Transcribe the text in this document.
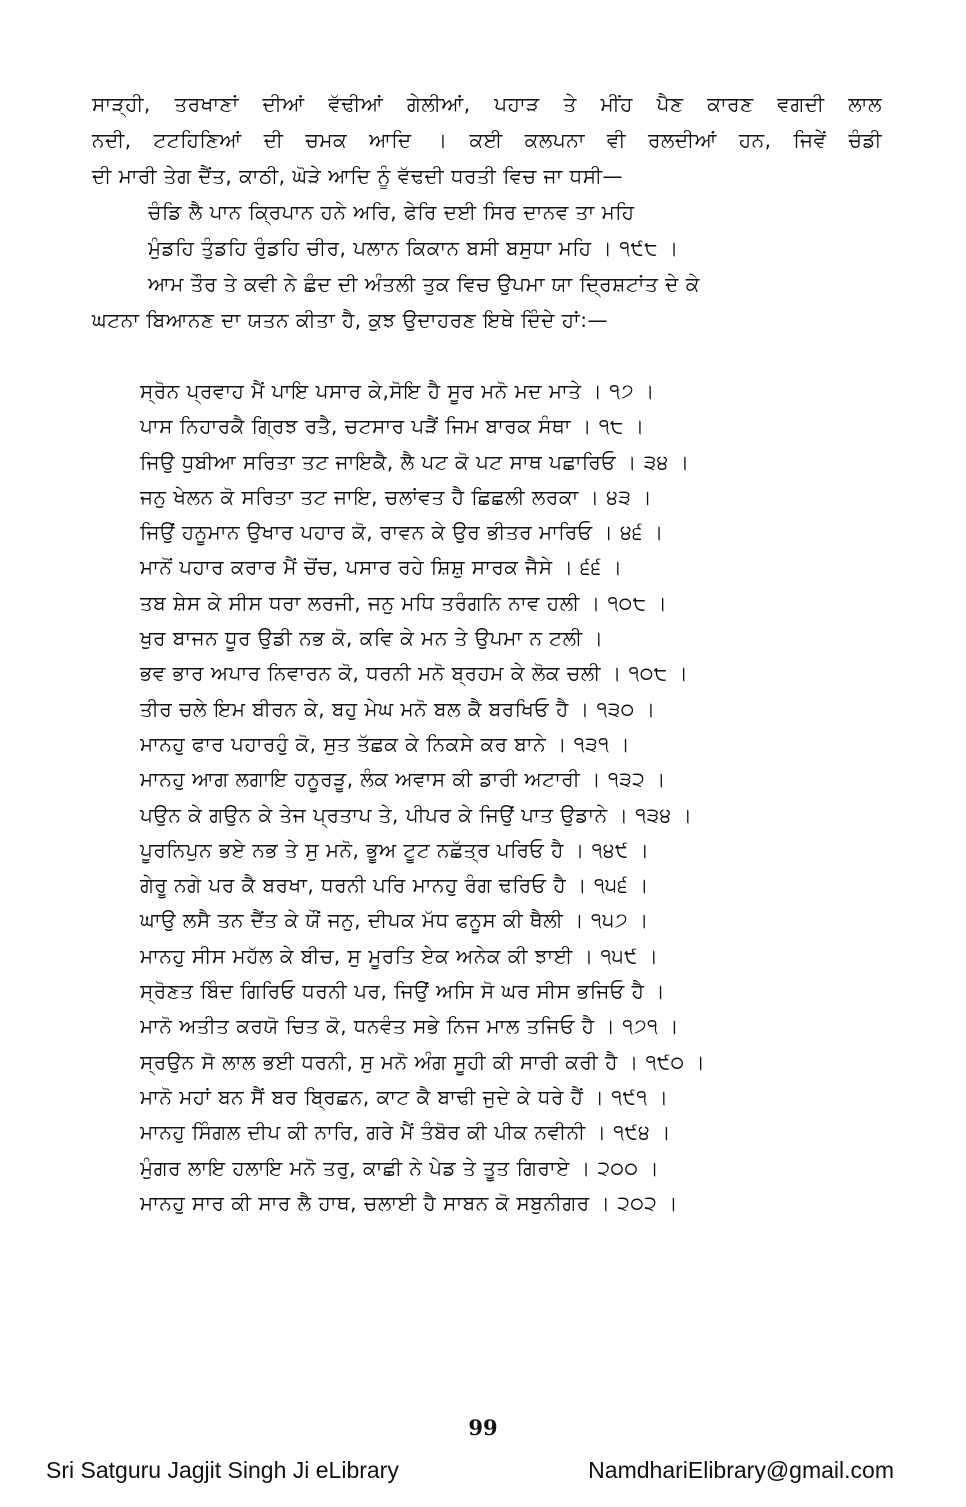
ਸਾੜ੍ਹੀ, ਤਰਖਾਣਾਂ ਦੀਆਂ ਵੱਢੀਆਂ ਗੇਲੀਆਂ, ਪਹਾੜ ਤੇ ਮੀਂਹ ਪੈਣ ਕਾਰਣ ਵਗਦੀ ਲਾਲ
ਨਦੀ, ਟਟਹਿਣਿਆਂ ਦੀ ਚਮਕ ਆਦਿ । ਕਈ ਕਲਪਨਾ ਵੀ ਰਲਦੀਆਂ ਹਨ, ਜਿਵੇਂ ਚੰਡੀ
ਦੀ ਮਾਰੀ ਤੇਗ ਦੈਂਤ, ਕਾਠੀ, ਘੋੜੇ ਆਦਿ ਨੂੰ ਵੱਢਦੀ ਧਰਤੀ ਵਿਚ ਜਾ ਧਸੀ—
ਚੰਡਿ ਲੈ ਪਾਨ ਕ੍ਰਿਪਾਨ ਹਨੇ ਅਰਿ, ਫੇਰਿ ਦਈ ਸਿਰ ਦਾਨਵ ਤਾ ਮਹਿ
ਮੁੰਡਹਿ ਤੁੰਡਹਿ ਰੁੰਡਹਿ ਚੀਰ, ਪਲਾਨ ਕਿਕਾਨ ਬਸੀ ਬਸੁਧਾ ਮਹਿ । ੧੯੮ ।
ਆਮ ਤੌਰ ਤੇ ਕਵੀ ਨੇ ਛੰਦ ਦੀ ਅੰਤਲੀ ਤੁਕ ਵਿਚ ਉਪਮਾ ਯਾ ਦ੍ਰਿਸ਼ਟਾਂਤ ਦੇ ਕੇ
ਘਟਨਾ ਬਿਆਨਣ ਦਾ ਯਤਨ ਕੀਤਾ ਹੈ, ਕੁਝ ਉਦਾਹਰਣ ਇਥੇ ਦਿੰਦੇ ਹਾਂ:—
ਸ੍ਰੋਨ ਪ੍ਰਵਾਹ ਮੈਂ ਪਾਇ ਪਸਾਰ ਕੇ,ਸੋਇ ਹੈ ਸੂਰ ਮਨੋ ਮਦ ਮਾਤੇ । ੧੭ ।
ਪਾਸ ਨਿਹਾਰਕੈ ਗ੍ਰਿਝ ਰਤੈ, ਚਟਸਾਰ ਪੜੈਂ ਜਿਮ ਬਾਰਕ ਸੰਥਾ । ੧੮ ।
ਜਿਉ ਧੁਬੀਆ ਸਰਿਤਾ ਤਟ ਜਾਇਕੈ, ਲੈ ਪਟ ਕੋ ਪਟ ਸਾਥ ਪਛਾਰਿਓ । ੩੪ ।
ਜਨੁ ਖੇਲਨ ਕੋ ਸਰਿਤਾ ਤਟ ਜਾਇ, ਚਲਾਂਵਤ ਹੈ ਛਿਛਲੀ ਲਰਕਾ । ੪੩ ।
ਜਿਉਂ ਹਨੂਮਾਨ ਉਖਾਰ ਪਹਾਰ ਕੋ, ਰਾਵਨ ਕੇ ਉਰ ਭੀਤਰ ਮਾਰਿਓ । ੪੬ ।
ਮਾਨੋਂ ਪਹਾਰ ਕਰਾਰ ਮੈਂ ਚੋਂਚ, ਪਸਾਰ ਰਹੇ ਸ਼ਿਸ਼ੁ ਸਾਰਕ ਜੈਸੇ । ੬੬ ।
ਤਬ ਸ਼ੇਸ ਕੇ ਸੀਸ ਧਰਾ ਲਰਜੀ, ਜਨੁ ਮਧਿ ਤਰੰਗਨਿ ਨਾਵ ਹਲੀ । ੧੦੮ ।
ਖੁਰ ਬਾਜਨ ਧੂਰ ਉਡੀ ਨਭ ਕੋ, ਕਵਿ ਕੇ ਮਨ ਤੇ ਉਪਮਾ ਨ ਟਲੀ ।
ਭਵ ਭਾਰ ਅਪਾਰ ਨਿਵਾਰਨ ਕੋ, ਧਰਨੀ ਮਨੋ ਬ੍ਰਹਮ ਕੇ ਲੋਕ ਚਲੀ । ੧੦੮ ।
ਤੀਰ ਚਲੇ ਇਮ ਬੀਰਨ ਕੇ, ਬਹੁ ਮੇਘ ਮਨੋ ਬਲ ਕੈ ਬਰਖਿਓ ਹੈ । ੧੩੦ ।
ਮਾਨਹੁ ਫਾਰ ਪਹਾਰਹੁੰ ਕੋ, ਸੁਤ ਤੱਛਕ ਕੇ ਨਿਕਸੇ ਕਰ ਬਾਨੇ । ੧੩੧ ।
ਮਾਨਹੁ ਆਗ ਲਗਾਇ ਹਨੂਰੜੂ, ਲੰਕ ਅਵਾਸ ਕੀ ਡਾਰੀ ਅਟਾਰੀ । ੧੩੨ ।
ਪਉਨ ਕੇ ਗਉਨ ਕੇ ਤੇਜ ਪ੍ਰਤਾਪ ਤੇ, ਪੀਪਰ ਕੇ ਜਿਉਂ ਪਾਤ ਉਡਾਨੇ । ੧੩੪ ।
ਪੂਰਨਿਪੁਨ ਭਏ ਨਭ ਤੇ ਸੁ ਮਨੋ, ਭੂਅ ਟੂਟ ਨਛੱਤ੍ਰ ਪਰਿਓ ਹੈ । ੧੪੯ ।
ਗੇਰੂ ਨਗੇ ਪਰ ਕੈ ਬਰਖਾ, ਧਰਨੀ ਪਰਿ ਮਾਨਹੁ ਰੰਗ ਢਰਿਓ ਹੈ । ੧੫੬ ।
ਘਾਉ ਲਸੈ ਤਨ ਦੈਂਤ ਕੇ ਯੌਂ ਜਨੁ, ਦੀਪਕ ਮੱਧ ਫਨੂਸ ਕੀ ਥੈਲੀ । ੧੫੭ ।
ਮਾਨਹੁ ਸੀਸ ਮਹੱਲ ਕੇ ਬੀਚ, ਸੁ ਮੂਰਤਿ ਏਕ ਅਨੇਕ ਕੀ ਝਾਈ । ੧੫੯ ।
ਸ੍ਰੋਣਤ ਬਿੰਦ ਗਿਰਿਓ ਧਰਨੀ ਪਰ, ਜਿਉਂ ਅਸਿ ਸੋ ਘਰ ਸੀਸ ਭਜਿਓ ਹੈ ।
ਮਾਨੋ ਅਤੀਤ ਕਰਯੋ ਚਿਤ ਕੋ, ਧਨਵੰਤ ਸਭੇ ਨਿਜ ਮਾਲ ਤਜਿਓ ਹੈ । ੧੭੧ ।
ਸ੍ਰਉਨ ਸੋ ਲਾਲ ਭਈ ਧਰਨੀ, ਸੁ ਮਨੋ ਅੰਗ ਸੂਹੀ ਕੀ ਸਾਰੀ ਕਰੀ ਹੈ । ੧੯੦ ।
ਮਾਨੋ ਮਹਾਂ ਬਨ ਸੈਂ ਬਰ ਬ੍ਰਿਛਨ, ਕਾਟ ਕੈ ਬਾਢੀ ਜੁਦੇ ਕੇ ਧਰੇ ਹੈਂ । ੧੯੧ ।
ਮਾਨਹੁ ਸਿੰਗਲ ਦੀਪ ਕੀ ਨਾਰਿ, ਗਰੇ ਮੈਂ ਤੰਬੋਰ ਕੀ ਪੀਕ ਨਵੀਨੀ । ੧੯੪ ।
ਮੁੰਗਰ ਲਾਇ ਹਲਾਇ ਮਨੋ ਤਰੁ, ਕਾਛੀ ਨੇ ਪੇਡ ਤੇ ਤੂਤ ਗਿਰਾਏ । ੨੦੦ ।
ਮਾਨਹੁ ਸਾਰ ਕੀ ਸਾਰ ਲੈ ਹਾਥ, ਚਲਾਈ ਹੈ ਸਾਬਨ ਕੋ ਸਬੁਨੀਗਰ । ੨੦੨ ।
99
Sri Satguru Jagjit Singh Ji eLibrary	NamdhariElibrary@gmail.com
